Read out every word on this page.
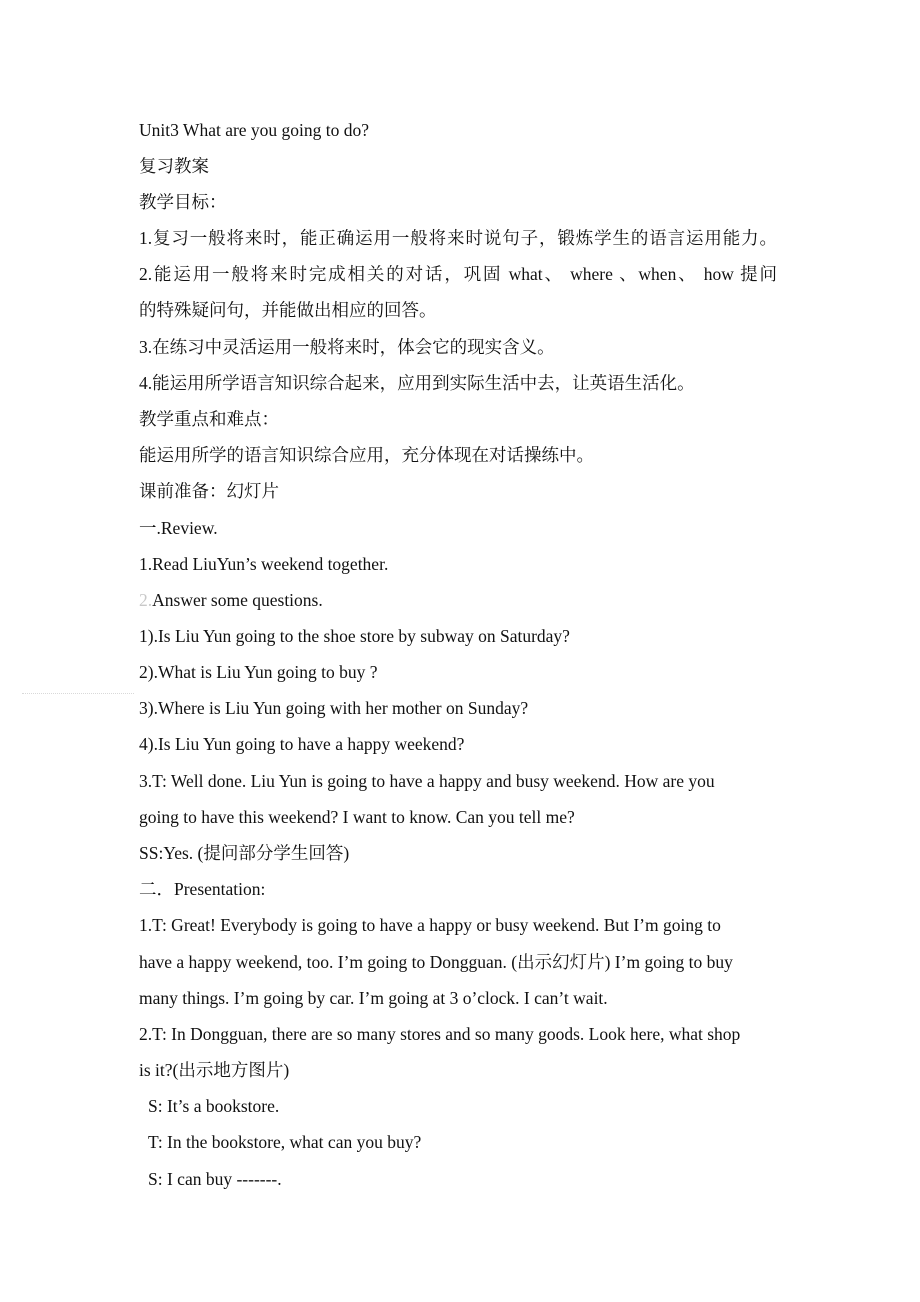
Unit3 What are you going to do?

复习教案

教学目标：

1.复习一般将来时，能正确运用一般将来时说句子，锻炼学生的语言运用能力。

2.能运用一般将来时完成相关的对话，巩固 what、 where 、when、 how 提问

的特殊疑问句，并能做出相应的回答。

3.在练习中灵活运用一般将来时，体会它的现实含义。

4.能运用所学语言知识综合起来，应用到实际生活中去，让英语生活化。

教学重点和难点：

能运用所学的语言知识综合应用，充分体现在对话操练中。

课前准备：幻灯片

一.Review.

1.Read LiuYun’s weekend together.

2.Answer some questions.

1).Is Liu Yun going to the shoe store by subway on Saturday?

2).What is Liu Yun going to buy ?

3).Where is Liu Yun going with her mother on Sunday?

4).Is Liu Yun going to have a happy weekend?

3.T: Well done. Liu Yun is going to have a happy and busy weekend. How are you

going to have this weekend? I want to know. Can you tell me?

SS:Yes. (提问部分学生回答)

二．Presentation:

1.T: Great! Everybody is going to have a happy or busy weekend. But I’m going to

have a happy weekend, too. I’m going to Dongguan. (出示幻灯片) I’m going to buy

many things. I’m going by car. I’m going at 3 o’clock. I can’t wait.

2.T: In Dongguan, there are so many stores and so many goods. Look here, what shop

is it?(出示地方图片)

S: It’s a bookstore.

T: In the bookstore, what can you buy?

S: I can buy -------.
